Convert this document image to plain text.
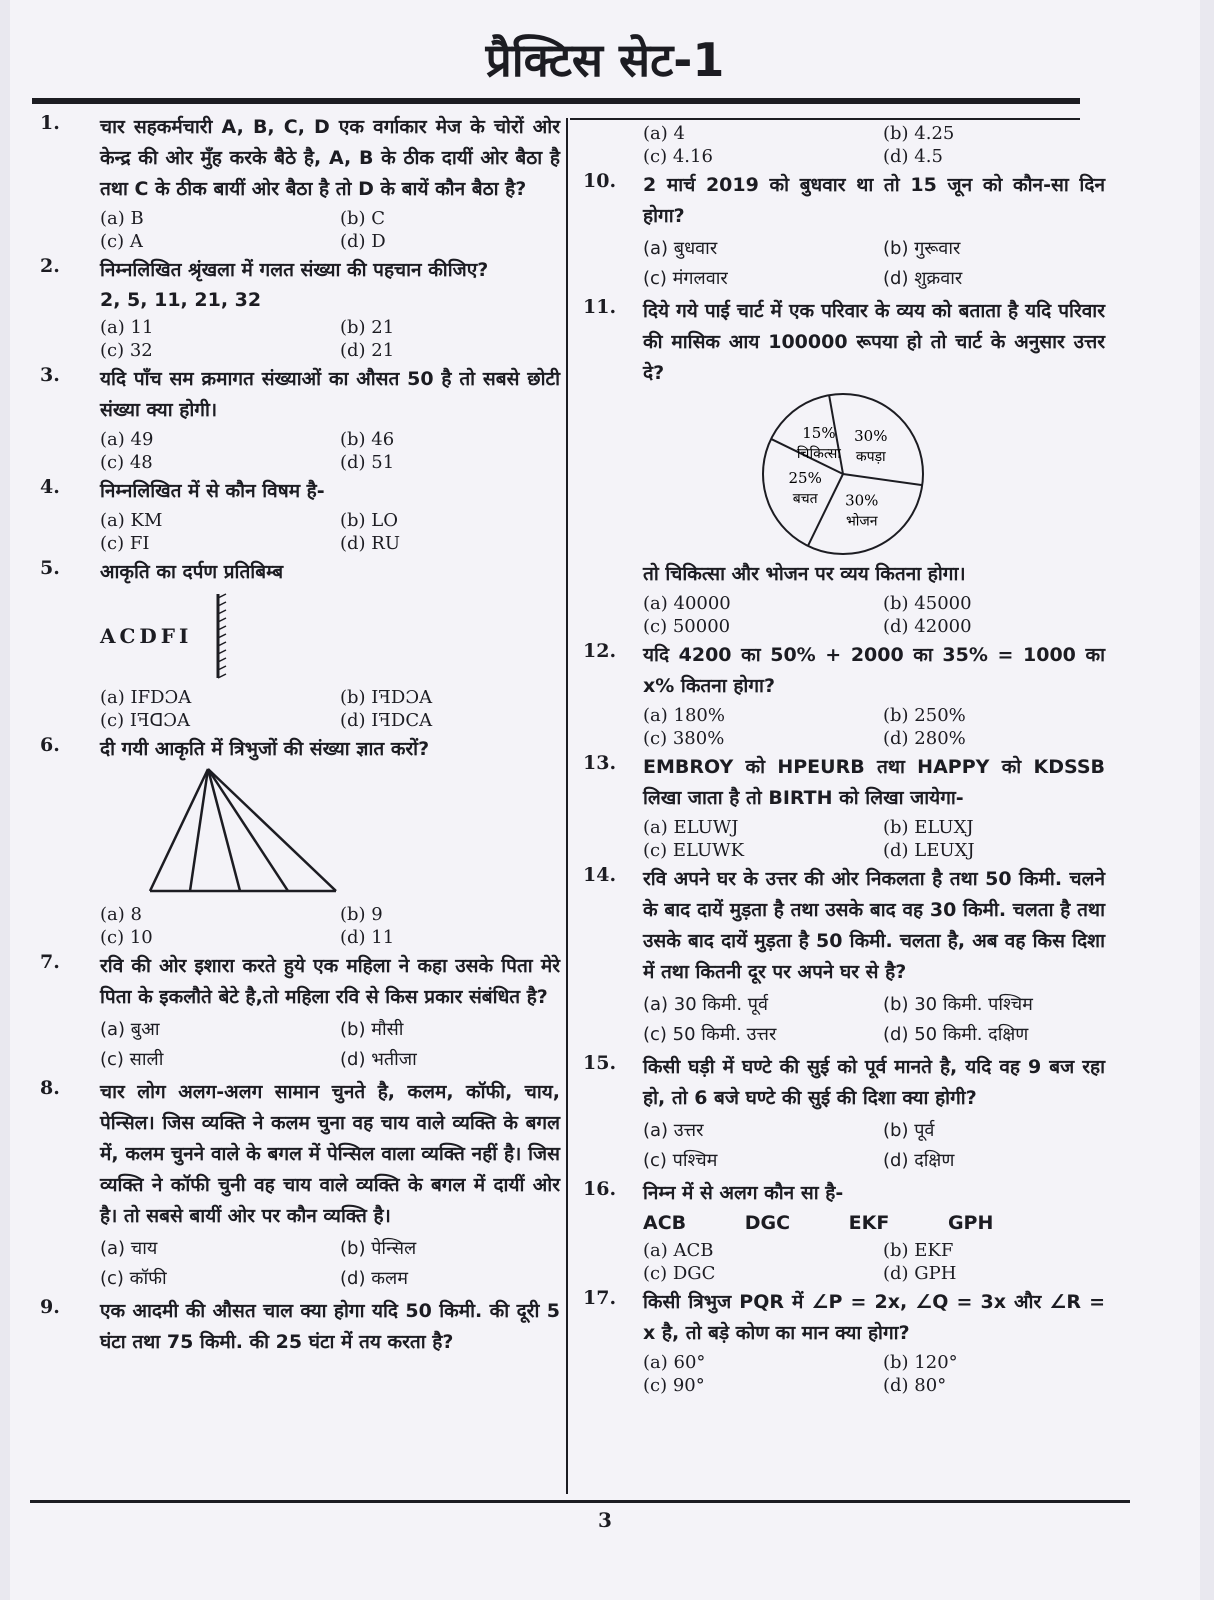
प्रैक्टिस सेट-1
1. चार सहकर्मचारी A, B, C, D एक वर्गाकार मेज के चोरों ओर केन्द्र की ओर मुँह करके बैठे है, A, B के ठीक दायीं ओर बैठा है तथा C के ठीक बायीं ओर बैठा है तो D के बायें कौन बैठा है?
(a) B	(b) C
(c) A	(d) D
2. निम्नलिखित श्रृंखला में गलत संख्या की पहचान कीजिए?
2, 5, 11, 21, 32
(a) 11	(b) 21
(c) 32	(d) 21
3. यदि पाँच सम क्रमागत संख्याओं का औसत 50 है तो सबसे छोटी संख्या क्या होगी।
(a) 49	(b) 46
(c) 48	(d) 51
4. निम्नलिखित में से कौन विषम है-
(a) KM	(b) LO
(c) FI	(d) RU
5. आकृति का दर्पण प्रतिबिम्ब
ACDFI
(a) IFDƆA	(b) IꟻDƆA
(c) IꟻꓷƆA	(d) IꟻDCA
6. दी गयी आकृति में त्रिभुजों की संख्या ज्ञात करों?
(a) 8	(b) 9
(c) 10	(d) 11
7. रवि की ओर इशारा करते हुये एक महिला ने कहा उसके पिता मेरे पिता के इकलौते बेटे है,तो महिला रवि से किस प्रकार संबंधित है?
(a) बुआ	(b) मौसी
(c) साली	(d) भतीजा
8. चार लोग अलग-अलग सामान चुनते है, कलम, कॉफी, चाय, पेन्सिल। जिस व्यक्ति ने कलम चुना वह चाय वाले व्यक्ति के बगल में, कलम चुनने वाले के बगल में पेन्सिल वाला व्यक्ति नहीं है। जिस व्यक्ति ने कॉफी चुनी वह चाय वाले व्यक्ति के बगल में दायीं ओर है। तो सबसे बायीं ओर पर कौन व्यक्ति है।
(a) चाय	(b) पेन्सिल
(c) कॉफी	(d) कलम
9. एक आदमी की औसत चाल क्या होगा यदि 50 किमी. की दूरी 5 घंटा तथा 75 किमी. की 25 घंटा में तय करता है?
(a) 4	(b) 4.25
(c) 4.16	(d) 4.5
10. 2 मार्च 2019 को बुधवार था तो 15 जून को कौन-सा दिन होगा?
(a) बुधवार	(b) गुरूवार
(c) मंगलवार	(d) शुक्रवार
11. दिये गये पाई चार्ट में एक परिवार के व्यय को बताता है यदि परिवार की मासिक आय 100000 रूपया हो तो चार्ट के अनुसार उत्तर दे?
30%
कपड़ा
30%
भोजन
25%
बचत
15%
चिकित्सा
तो चिकित्सा और भोजन पर व्यय कितना होगा।
(a) 40000	(b) 45000
(c) 50000	(d) 42000
12. यदि 4200 का 50% + 2000 का 35% = 1000 का x% कितना होगा?
(a) 180%	(b) 250%
(c) 380%	(d) 280%
13. EMBROY को HPEURB तथा HAPPY को KDSSB लिखा जाता है तो BIRTH को लिखा जायेगा-
(a) ELUWJ	(b) ELUXJ
(c) ELUWK	(d) LEUXJ
14. रवि अपने घर के उत्तर की ओर निकलता है तथा 50 किमी. चलने के बाद दायें मुड़ता है तथा उसके बाद वह 30 किमी. चलता है तथा उसके बाद दायें मुड़ता है 50 किमी. चलता है, अब वह किस दिशा में तथा कितनी दूर पर अपने घर से है?
(a) 30 किमी. पूर्व	(b) 30 किमी. पश्चिम
(c) 50 किमी. उत्तर	(d) 50 किमी. दक्षिण
15. किसी घड़ी में घण्टे की सुई को पूर्व मानते है, यदि वह 9 बज रहा हो, तो 6 बजे घण्टे की सुई की दिशा क्या होगी?
(a) उत्तर	(b) पूर्व
(c) पश्चिम	(d) दक्षिण
16. निम्न में से अलग कौन सा है-
ACB DGC EKF GPH
(a) ACB	(b) EKF
(c) DGC	(d) GPH
17. किसी त्रिभुज PQR में ∠P = 2x, ∠Q = 3x और ∠R = x है, तो बड़े कोण का मान क्या होगा?
(a) 60°	(b) 120°
(c) 90°	(d) 80°
3
